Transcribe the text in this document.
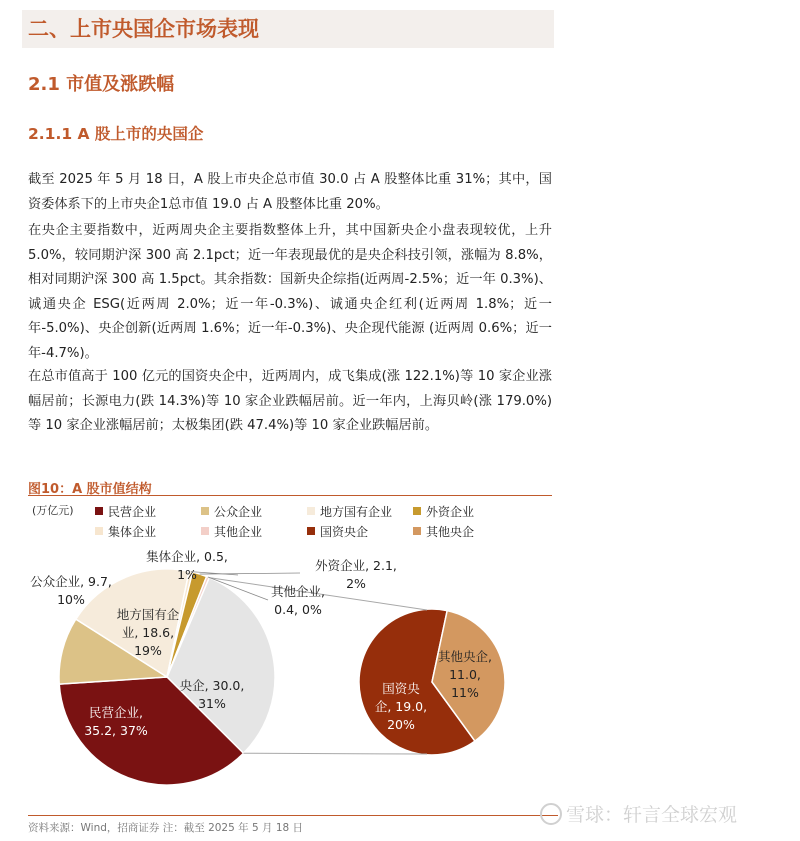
二、上市央国企市场表现
2.1 市值及涨跌幅
2.1.1 A 股上市的央国企

截至 2025 年 5 月 18 日，A 股上市央企总市值 30.0 占 A 股整体比重 31%；其中，国资委体系下的上市央企1总市值 19.0 占 A 股整体比重 20%。

在央企主要指数中，近两周央企主要指数整体上升，其中国新央企小盘表现较优，上升 5.0%，较同期沪深 300 高 2.1pct；近一年表现最优的是央企科技引领，涨幅为 8.8%，相对同期沪深 300 高 1.5pct。其余指数：国新央企综指(近两周-2.5%；近一年 0.3%)、诚通央企 ESG(近两周 2.0%；近一年-0.3%)、诚通央企红利(近两周 1.8%；近一年-5.0%)、央企创新(近两周 1.6%；近一年-0.3%)、央企现代能源 (近两周 0.6%；近一年-4.7%)。

在总市值高于 100 亿元的国资央企中，近两周内，成飞集成(涨 122.1%)等 10 家企业涨幅居前；长源电力(跌 14.3%)等 10 家企业跌幅居前。近一年内，上海贝岭(涨 179.0%)等 10 家企业涨幅居前；太极集团(跌 47.4%)等 10 家企业跌幅居前。

图10：A 股市值结构
(万亿元)	民营企业	公众企业	地方国有企业	外资企业
集体企业	其他企业	国资央企	其他央企
央企, 30.0, 31%
民营企业, 35.2, 37%
公众企业, 9.7, 10%
地方国有企业, 18.6, 19%
集体企业, 0.5, 1%
外资企业, 2.1, 2%
其他企业, 0.4, 0%
国资央企, 19.0, 20%
其他央企, 11.0, 11%
资料来源：Wind，招商证券 注：截至 2025 年 5 月 18 日
雪球：轩言全球宏观
